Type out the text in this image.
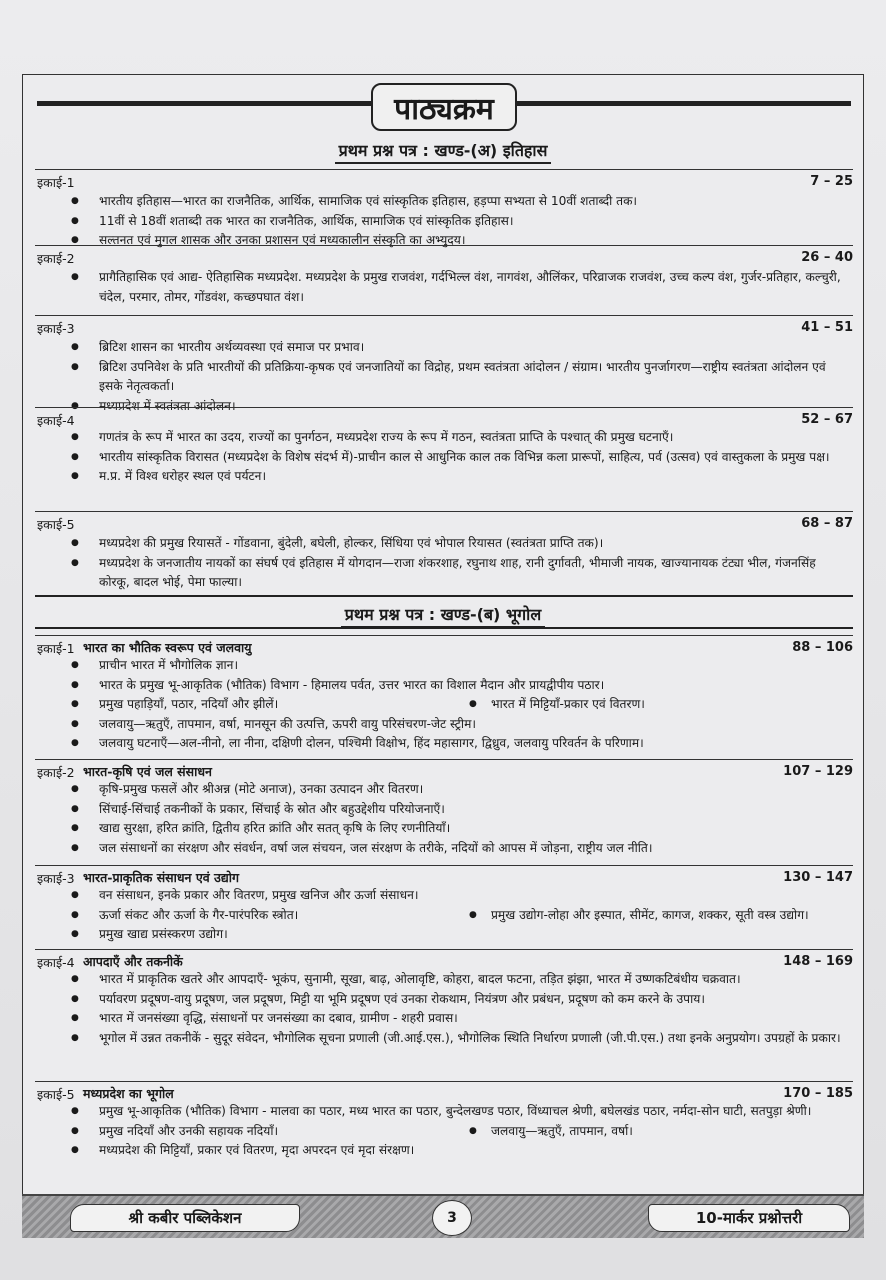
पाठ्यक्रम
प्रथम प्रश्न पत्र : खण्ड-(अ) इतिहास
इकाई-1	7 – 25
● भारतीय इतिहास—भारत का राजनैतिक, आर्थिक, सामाजिक एवं सांस्कृतिक इतिहास, हड़प्पा सभ्यता से 10वीं शताब्दी तक।
● 11वीं से 18वीं शताब्दी तक भारत का राजनैतिक, आर्थिक, सामाजिक एवं सांस्कृतिक इतिहास।
● सल्तनत एवं मुगल शासक और उनका प्रशासन एवं मध्यकालीन संस्कृति का अभ्युदय।
इकाई-2	26 – 40
● प्रागैतिहासिक एवं आद्य- ऐतिहासिक मध्यप्रदेश. मध्यप्रदेश के प्रमुख राजवंश, गर्दभिल्ल वंश, नागवंश, औलिंकर, परिव्राजक राजवंश, उच्च कल्प वंश, गुर्जर-प्रतिहार, कल्चुरी, चंदेल, परमार, तोमर, गोंडवंश, कच्छपघात वंश।
इकाई-3	41 – 51
● ब्रिटिश शासन का भारतीय अर्थव्यवस्था एवं समाज पर प्रभाव।
● ब्रिटिश उपनिवेश के प्रति भारतीयों की प्रतिक्रिया-कृषक एवं जनजातियों का विद्रोह, प्रथम स्वतंत्रता आंदोलन / संग्राम। भारतीय पुनर्जागरण—राष्ट्रीय स्वतंत्रता आंदोलन एवं इसके नेतृत्वकर्ता।
● मध्यप्रदेश में स्वतंत्रता आंदोलन।
इकाई-4	52 – 67
● गणतंत्र के रूप में भारत का उदय, राज्यों का पुनर्गठन, मध्यप्रदेश राज्य के रूप में गठन, स्वतंत्रता प्राप्ति के पश्चात् की प्रमुख घटनाएँ।
● भारतीय सांस्कृतिक विरासत (मध्यप्रदेश के विशेष संदर्भ में)-प्राचीन काल से आधुनिक काल तक विभिन्न कला प्रारूपों, साहित्य, पर्व (उत्सव) एवं वास्तुकला के प्रमुख पक्ष।
● म.प्र. में विश्व धरोहर स्थल एवं पर्यटन।
इकाई-5	68 – 87
● मध्यप्रदेश की प्रमुख रियासतें - गोंडवाना, बुंदेली, बघेली, होल्कर, सिंधिया एवं भोपाल रियासत (स्वतंत्रता प्राप्ति तक)।
● मध्यप्रदेश के जनजातीय नायकों का संघर्ष एवं इतिहास में योगदान—राजा शंकरशाह, रघुनाथ शाह, रानी दुर्गावती, भीमाजी नायक, खाज्यानायक टंट्या भील, गंजनसिंह कोरकू, बादल भोई, पेमा फाल्या।
प्रथम प्रश्न पत्र : खण्ड-(ब) भूगोल
इकाई-1	88 – 106
भारत का भौतिक स्वरूप एवं जलवायु
● प्राचीन भारत में भौगोलिक ज्ञान।
● भारत के प्रमुख भू-आकृतिक (भौतिक) विभाग - हिमालय पर्वत, उत्तर भारत का विशाल मैदान और प्रायद्वीपीय पठार।
● प्रमुख पहाड़ियाँ, पठार, नदियाँ और झीलें।	● भारत में मिट्टियाँ-प्रकार एवं वितरण।
● जलवायु—ऋतुएँ, तापमान, वर्षा, मानसून की उत्पत्ति, ऊपरी वायु परिसंचरण-जेट स्ट्रीम।
● जलवायु घटनाएँ—अल-नीनो, ला नीना, दक्षिणी दोलन, पश्चिमी विक्षोभ, हिंद महासागर, द्विध्रुव, जलवायु परिवर्तन के परिणाम।
इकाई-2	107 – 129
भारत-कृषि एवं जल संसाधन
● कृषि-प्रमुख फसलें और श्रीअन्न (मोटे अनाज), उनका उत्पादन और वितरण।
● सिंचाई-सिंचाई तकनीकों के प्रकार, सिंचाई के स्रोत और बहुउद्देशीय परियोजनाएँ।
● खाद्य सुरक्षा, हरित क्रांति, द्वितीय हरित क्रांति और सतत् कृषि के लिए रणनीतियाँ।
● जल संसाधनों का संरक्षण और संवर्धन, वर्षा जल संचयन, जल संरक्षण के तरीके, नदियों को आपस में जोड़ना, राष्ट्रीय जल नीति।
इकाई-3	130 – 147
भारत-प्राकृतिक संसाधन एवं उद्योग
● वन संसाधन, इनके प्रकार और वितरण, प्रमुख खनिज और ऊर्जा संसाधन।
● ऊर्जा संकट और ऊर्जा के गैर-पारंपरिक स्त्रोत।	● प्रमुख उद्योग-लोहा और इस्पात, सीमेंट, कागज, शक्कर, सूती वस्त्र उद्योग।
● प्रमुख खाद्य प्रसंस्करण उद्योग।
इकाई-4	148 – 169
आपदाएँ और तकनीकें
● भारत में प्राकृतिक खतरे और आपदाएँ- भूकंप, सुनामी, सूखा, बाढ़, ओलावृष्टि, कोहरा, बादल फटना, तड़ित झंझा, भारत में उष्णकटिबंधीय चक्रवात।
● पर्यावरण प्रदूषण-वायु प्रदूषण, जल प्रदूषण, मिट्टी या भूमि प्रदूषण एवं उनका रोकथाम, नियंत्रण और प्रबंधन, प्रदूषण को कम करने के उपाय।
● भारत में जनसंख्या वृद्धि, संसाधनों पर जनसंख्या का दबाव, ग्रामीण - शहरी प्रवास।
● भूगोल में उन्नत तकनीकें - सुदूर संवेदन, भौगोलिक सूचना प्रणाली (जी.आई.एस.), भौगोलिक स्थिति निर्धारण प्रणाली (जी.पी.एस.) तथा इनके अनुप्रयोग। उपग्रहों के प्रकार।
इकाई-5	170 – 185
मध्यप्रदेश का भूगोल
● प्रमुख भू-आकृतिक (भौतिक) विभाग - मालवा का पठार, मध्य भारत का पठार, बुन्देलखण्ड पठार, विंध्याचल श्रेणी, बघेलखंड पठार, नर्मदा-सोन घाटी, सतपुड़ा श्रेणी।
● प्रमुख नदियाँ और उनकी सहायक नदियाँ।	● जलवायु—ऋतुएँ, तापमान, वर्षा।
● मध्यप्रदेश की मिट्टियाँ, प्रकार एवं वितरण, मृदा अपरदन एवं मृदा संरक्षण।
श्री कबीर पब्लिकेशन	3	10-मार्कर प्रश्नोत्तरी
